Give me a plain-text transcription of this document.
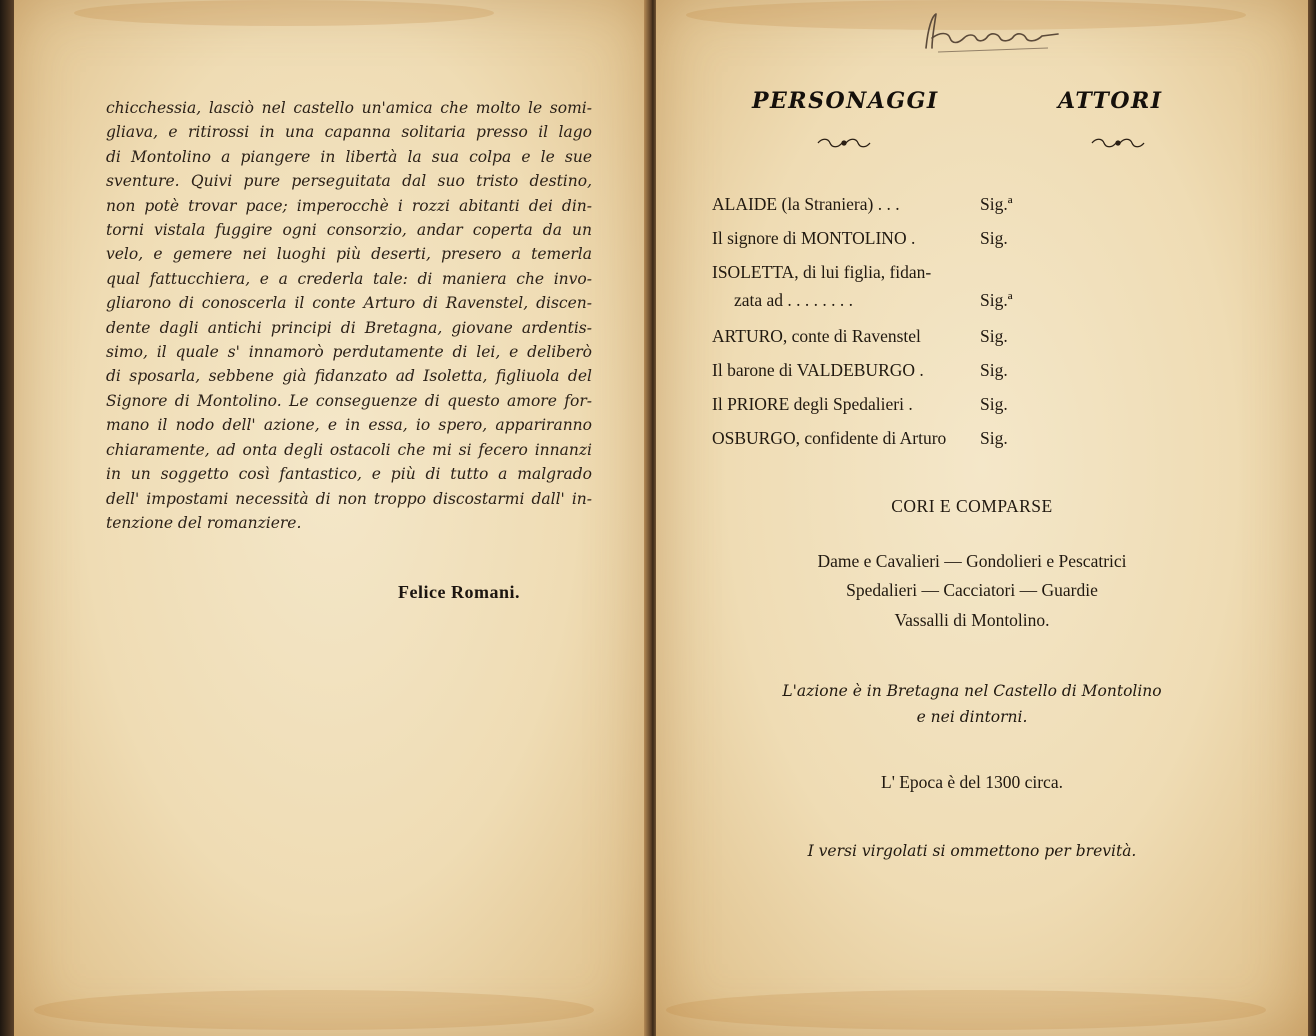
chicchessia, lasciò nel castello un'amica che molto le somi-
gliava, e ritirossi in una capanna solitaria presso il lago
di Montolino a piangere in libertà la sua colpa e le sue
sventure. Quivi pure perseguitata dal suo tristo destino,
non potè trovar pace; imperocchè i rozzi abitanti dei din-
torni vistala fuggire ogni consorzio, andar coperta da un
velo, e gemere nei luoghi più deserti, presero a temerla
qual fattucchiera, e a crederla tale: di maniera che invo-
gliarono di conoscerla il conte Arturo di Ravenstel, discen-
dente dagli antichi principi di Bretagna, giovane ardentis-
simo, il quale s' innamorò perdutamente di lei, e deliberò
di sposarla, sebbene già fidanzato ad Isoletta, figliuola del
Signore di Montolino. Le conseguenze di questo amore for-
mano il nodo dell' azione, e in essa, io spero, appariranno
chiaramente, ad onta degli ostacoli che mi si fecero innanzi
in un soggetto così fantastico, e più di tutto a malgrado
dell' impostami necessità di non troppo discostarmi dall' in-
tenzione del romanziere.

Felice Romani.
PERSONAGGI	ATTORI
ALAIDE (la Straniera) . . .	Sig.ª
Il signore di MONTOLINO .	Sig.
ISOLETTA, di lui figlia, fidan-
zata ad . . . . . . . .	Sig.ª
ARTURO, conte di Ravenstel	Sig.
Il barone di VALDEBURGO .	Sig.
Il PRIORE degli Spedalieri .	Sig.
OSBURGO, confidente di Arturo Sig.
CORI E COMPARSE
Dame e Cavalieri — Gondolieri e Pescatrici
Spedalieri — Cacciatori — Guardie
Vassalli di Montolino.
L'azione è in Bretagna nel Castello di Montolino
e nei dintorni.
L' Epoca è del 1300 circa.
I versi virgolati si ommettono per brevità.
